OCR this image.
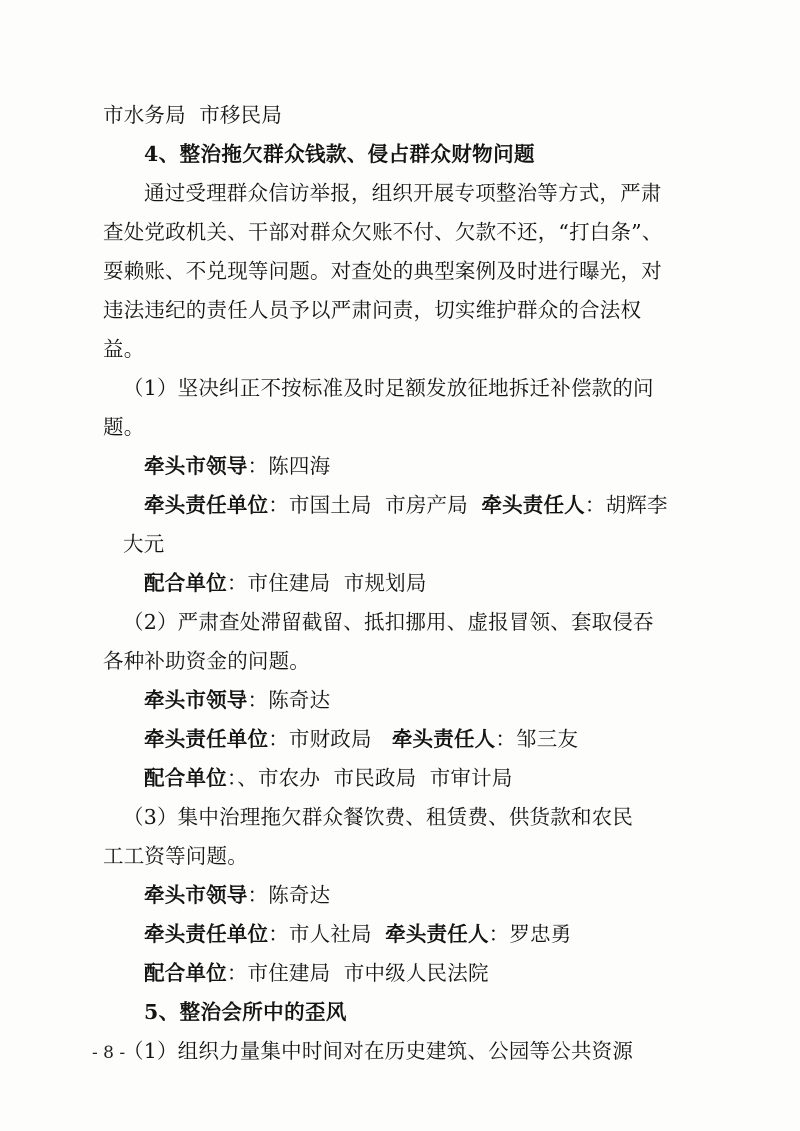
市水务局  市移民局
4、整治拖欠群众钱款、侵占群众财物问题
通过受理群众信访举报，组织开展专项整治等方式，严肃
查处党政机关、干部对群众欠账不付、欠款不还，“打白条”、
耍赖账、不兑现等问题。对查处的典型案例及时进行曝光，对
违法违纪的责任人员予以严肃问责，切实维护群众的合法权
益。
（1）坚决纠正不按标准及时足额发放征地拆迁补偿款的问
题。
牵头市领导：陈四海
牵头责任单位：市国土局  市房产局  牵头责任人：胡辉李
大元
配合单位：市住建局  市规划局
（2）严肃查处滞留截留、抵扣挪用、虚报冒领、套取侵吞
各种补助资金的问题。
牵头市领导：陈奇达
牵头责任单位：市财政局   牵头责任人：邹三友
配合单位：、市农办  市民政局  市审计局
（3）集中治理拖欠群众餐饮费、租赁费、供货款和农民
工工资等问题。
牵头市领导：陈奇达
牵头责任单位：市人社局  牵头责任人：罗忠勇
配合单位：市住建局  市中级人民法院
5、整治会所中的歪风
（1）组织力量集中时间对在历史建筑、公园等公共资源
- 8 -
